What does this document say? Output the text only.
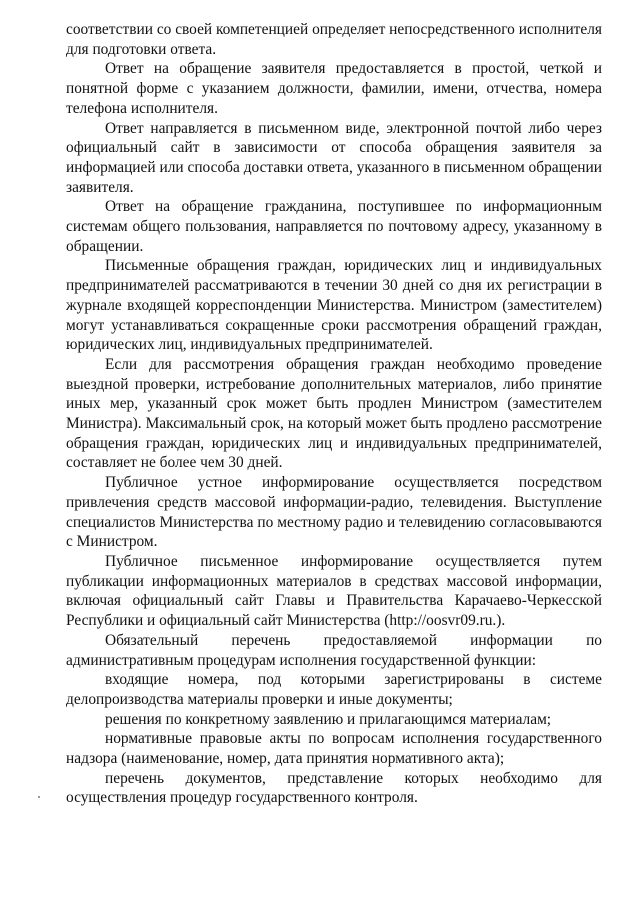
соответствии со своей компетенцией определяет непосредственного исполнителя для подготовки ответа.

Ответ на обращение заявителя предоставляется в простой, четкой и понятной форме с указанием должности, фамилии, имени, отчества, номера телефона исполнителя.

Ответ направляется в письменном виде, электронной почтой либо через официальный сайт в зависимости от способа обращения заявителя за информацией или способа доставки ответа, указанного в письменном обращении заявителя.

Ответ на обращение гражданина, поступившее по информационным системам общего пользования, направляется по почтовому адресу, указанному в обращении.

Письменные обращения граждан, юридических лиц и индивидуальных предпринимателей рассматриваются в течении 30 дней со дня их регистрации в журнале входящей корреспонденции Министерства. Министром (заместителем) могут устанавливаться сокращенные сроки рассмотрения обращений граждан, юридических лиц, индивидуальных предпринимателей.

Если для рассмотрения обращения граждан необходимо проведение выездной проверки, истребование дополнительных материалов, либо принятие иных мер, указанный срок может быть продлен Министром (заместителем Министра). Максимальный срок, на который может быть продлено рассмотрение обращения граждан, юридических лиц и индивидуальных предпринимателей, составляет не более чем 30 дней.

Публичное устное информирование осуществляется посредством привлечения средств массовой информации-радио, телевидения. Выступление специалистов Министерства по местному радио и телевидению согласовываются с Министром.

Публичное письменное информирование осуществляется путем публикации информационных материалов в средствах массовой информации, включая официальный сайт Главы и Правительства Карачаево-Черкесской Республики и официальный сайт Министерства (http://oosvr09.ru.).

Обязательный перечень предоставляемой информации по административным процедурам исполнения государственной функции:

входящие номера, под которыми зарегистрированы в системе делопроизводства материалы проверки и иные документы;

решения по конкретному заявлению и прилагающимся материалам;

нормативные правовые акты по вопросам исполнения государственного надзора (наименование, номер, дата принятия нормативного акта);

перечень документов, представление которых необходимо для осуществления процедур государственного контроля.
